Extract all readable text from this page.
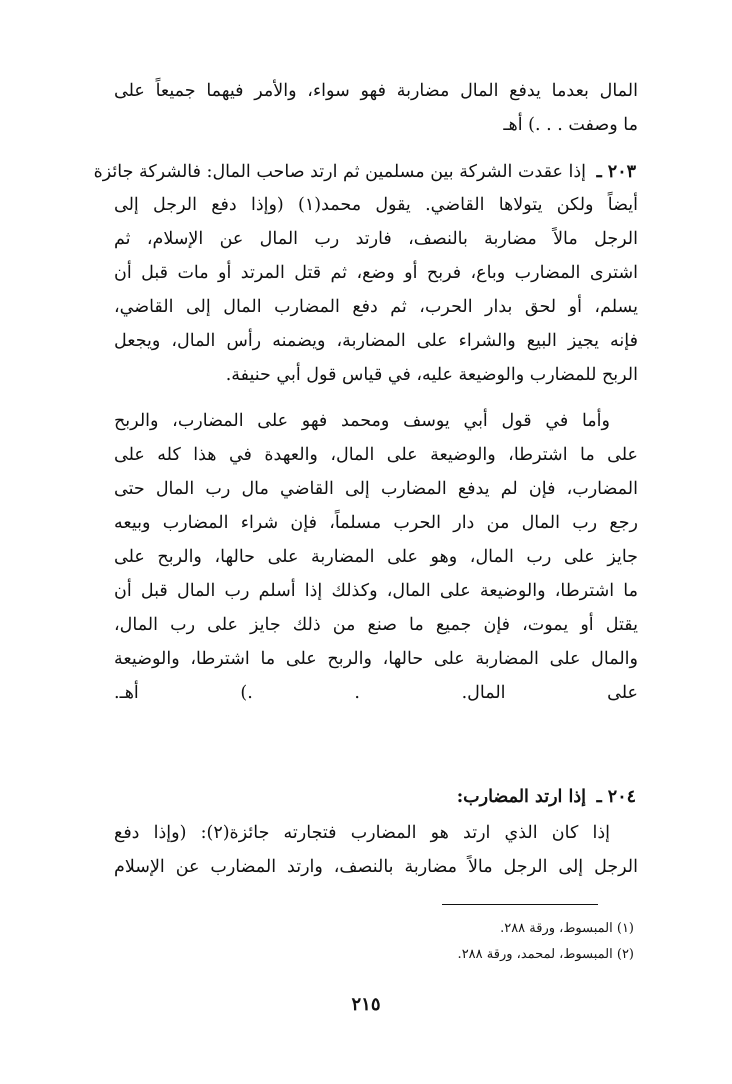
المال بعدما يدفع المال مضاربة فهو سواء، والأمر فيهما جميعاً على
ما وصفت . . .) أهـ
٢٠٣ ـ
إذا عقدت الشركة بين مسلمين ثم ارتد صاحب المال: فالشركة جائزة
أيضاً ولكن يتولاها القاضي. يقول محمد(١) (وإذا دفع الرجل إلى
الرجل مالاً مضاربة بالنصف، فارتد رب المال عن الإسلام، ثم
اشترى المضارب وباع، فربح أو وضع، ثم قتل المرتد أو مات قبل أن
يسلم، أو لحق بدار الحرب، ثم دفع المضارب المال إلى القاضي،
فإنه يجيز البيع والشراء على المضاربة، ويضمنه رأس المال، ويجعل
الربح للمضارب والوضيعة عليه، في قياس قول أبي حنيفة.
وأما في قول أبي يوسف ومحمد فهو على المضارب، والربح
على ما اشترطا، والوضيعة على المال، والعهدة في هذا كله على
المضارب، فإن لم يدفع المضارب إلى القاضي مال رب المال حتى
رجع رب المال من دار الحرب مسلماً، فإن شراء المضارب وبيعه
جايز على رب المال، وهو على المضاربة على حالها، والربح على
ما اشترطا، والوضيعة على المال، وكذلك إذا أسلم رب المال قبل أن
يقتل أو يموت، فإن جميع ما صنع من ذلك جايز على رب المال،
والمال على المضاربة على حالها، والربح على ما اشترطا، والوضيعة
على المال. . .) أهـ.
٢٠٤ ـ
إذا ارتد المضارب:
إذا كان الذي ارتد هو المضارب فتجارته جائزة(٢): (وإذا دفع
الرجل إلى الرجل مالاً مضاربة بالنصف، وارتد المضارب عن الإسلام
(١) المبسوط، ورقة ٢٨٨.
(٢) المبسوط، لمحمد، ورقة ٢٨٨.
٢١٥
